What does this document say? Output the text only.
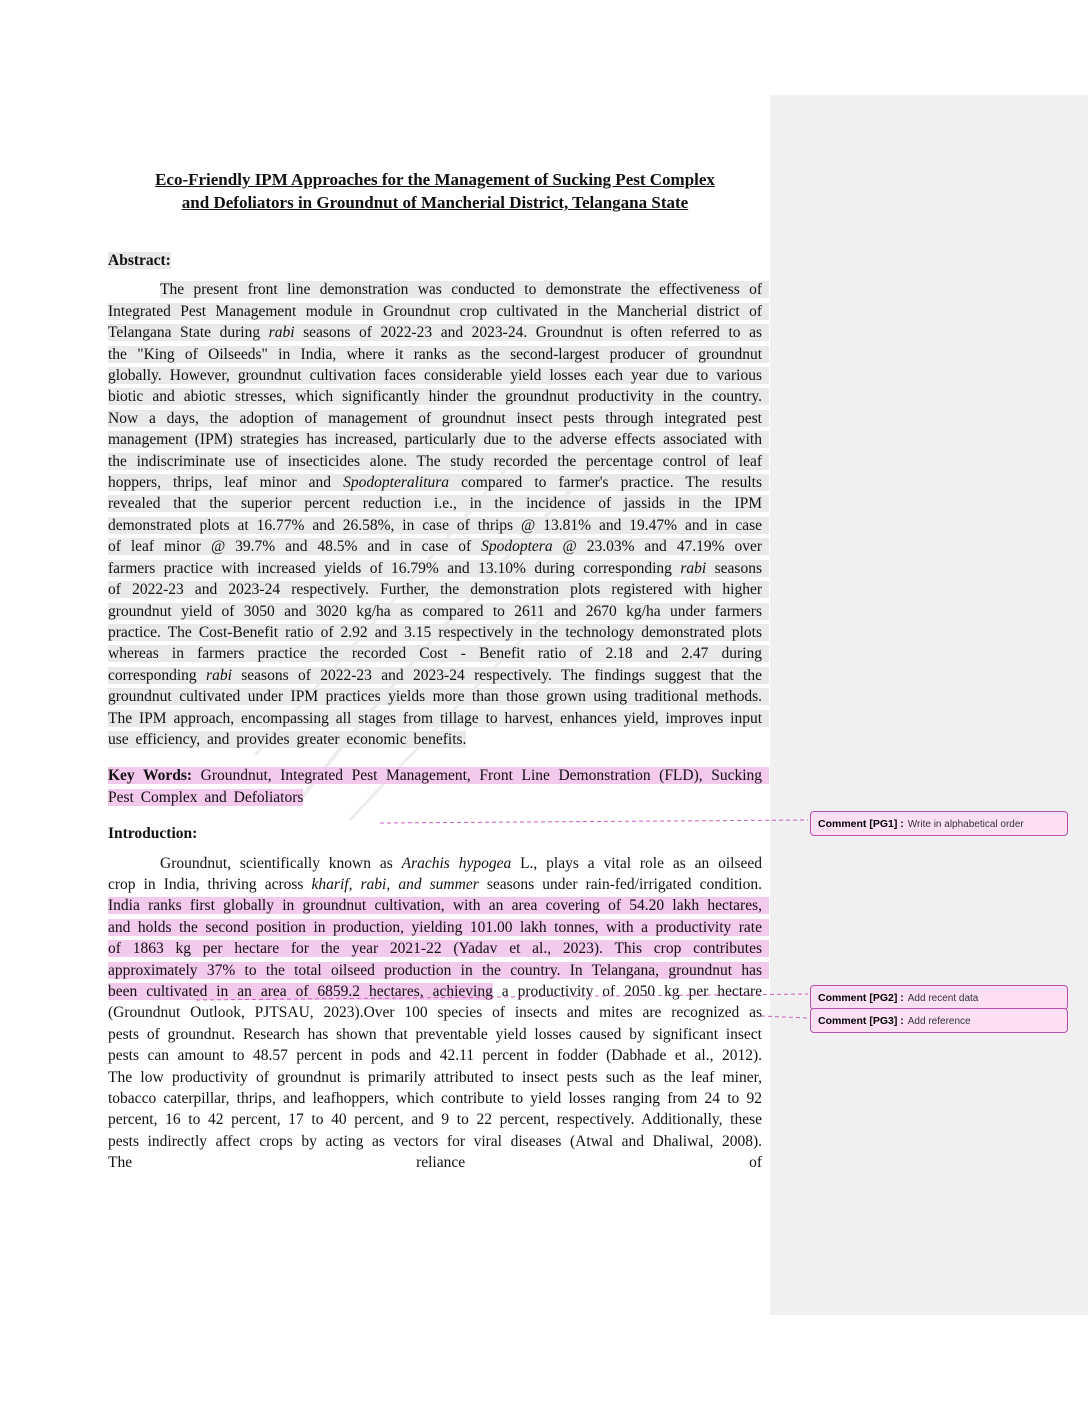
Eco-Friendly IPM Approaches for the Management of Sucking Pest Complex
and Defoliators in Groundnut of Mancherial District, Telangana State
Abstract:
The present front line demonstration was conducted to demonstrate the effectiveness of Integrated Pest Management module in Groundnut crop cultivated in the Mancherial district of Telangana State during rabi seasons of 2022-23 and 2023-24. Groundnut is often referred to as the "King of Oilseeds" in India, where it ranks as the second-largest producer of groundnut globally. However, groundnut cultivation faces considerable yield losses each year due to various biotic and abiotic stresses, which significantly hinder the groundnut productivity in the country. Now a days, the adoption of management of groundnut insect pests through integrated pest management (IPM) strategies has increased, particularly due to the adverse effects associated with the indiscriminate use of insecticides alone. The study recorded the percentage control of leaf hoppers, thrips, leaf minor and Spodopteralitura compared to farmer's practice. The results revealed that the superior percent reduction i.e., in the incidence of jassids in the IPM demonstrated plots at 16.77% and 26.58%, in case of thrips @ 13.81% and 19.47% and in case of leaf minor @ 39.7% and 48.5% and in case of Spodoptera @ 23.03% and 47.19% over farmers practice with increased yields of 16.79% and 13.10% during corresponding rabi seasons of 2022-23 and 2023-24 respectively. Further, the demonstration plots registered with higher groundnut yield of 3050 and 3020 kg/ha as compared to 2611 and 2670 kg/ha under farmers practice. The Cost-Benefit ratio of 2.92 and 3.15 respectively in the technology demonstrated plots whereas in farmers practice the recorded Cost - Benefit ratio of 2.18 and 2.47 during corresponding rabi seasons of 2022-23 and 2023-24 respectively. The findings suggest that the groundnut cultivated under IPM practices yields more than those grown using traditional methods. The IPM approach, encompassing all stages from tillage to harvest, enhances yield, improves input use efficiency, and provides greater economic benefits.
Key Words: Groundnut, Integrated Pest Management, Front Line Demonstration (FLD), Sucking Pest Complex and Defoliators
Introduction:
Groundnut, scientifically known as Arachis hypogea L., plays a vital role as an oilseed crop in India, thriving across kharif, rabi, and summer seasons under rain-fed/irrigated condition. India ranks first globally in groundnut cultivation, with an area covering of 54.20 lakh hectares, and holds the second position in production, yielding 101.00 lakh tonnes, with a productivity rate of 1863 kg per hectare for the year 2021-22 (Yadav et al., 2023). This crop contributes approximately 37% to the total oilseed production in the country. In Telangana, groundnut has been cultivated in an area of 6859.2 hectares, achieving a productivity of 2050 kg per hectare (Groundnut Outlook, PJTSAU, 2023).Over 100 species of insects and mites are recognized as pests of groundnut. Research has shown that preventable yield losses caused by significant insect pests can amount to 48.57 percent in pods and 42.11 percent in fodder (Dabhade et al., 2012). The low productivity of groundnut is primarily attributed to insect pests such as the leaf miner, tobacco caterpillar, thrips, and leafhoppers, which contribute to yield losses ranging from 24 to 92 percent, 16 to 42 percent, 17 to 40 percent, and 9 to 22 percent, respectively. Additionally, these pests indirectly affect crops by acting as vectors for viral diseases (Atwal and Dhaliwal, 2008). The reliance of
Comment [PG1] : Write in alphabetical order
Comment [PG2] : Add recent data
Comment [PG3] : Add reference
